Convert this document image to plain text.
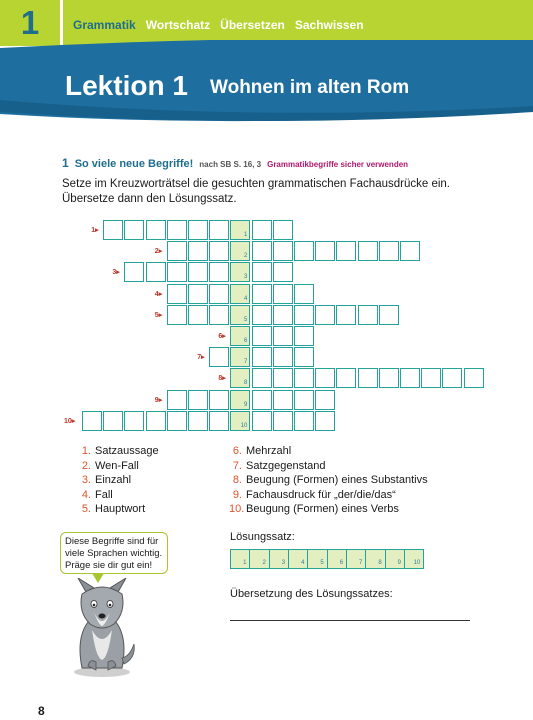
1	Grammatik Wortschatz Übersetzen Sachwissen
Lektion 1 Wohnen im alten Rom
1 So viele neue Begriffe! nach SB S. 16, 3 Grammatikbegriffe sicher verwenden
Setze im Kreuzworträtsel die gesuchten grammatischen Fachausdrücke ein. Übersetze dann den Lösungssatz.
1
1▸
2
2▸
3
3▸
4
4▸
5
5▸
6
6▸
7
7▸
8
8▸
9
9▸
10
10▸
1. Satzaussage
2. Wen-Fall
3. Einzahl
4. Fall
5. Hauptwort
6. Mehrzahl
7. Satzgegenstand
8. Beugung (Formen) eines Substantivs
9. Fachausdruck für „der/die/das“
10. Beugung (Formen) eines Verbs
Diese Begriffe sind für viele Sprachen wichtig. Präge sie dir gut ein!
Lösungssatz:
1	2	3	4	5	6	7	8	9 10
Übersetzung des Lösungssatzes:
8
